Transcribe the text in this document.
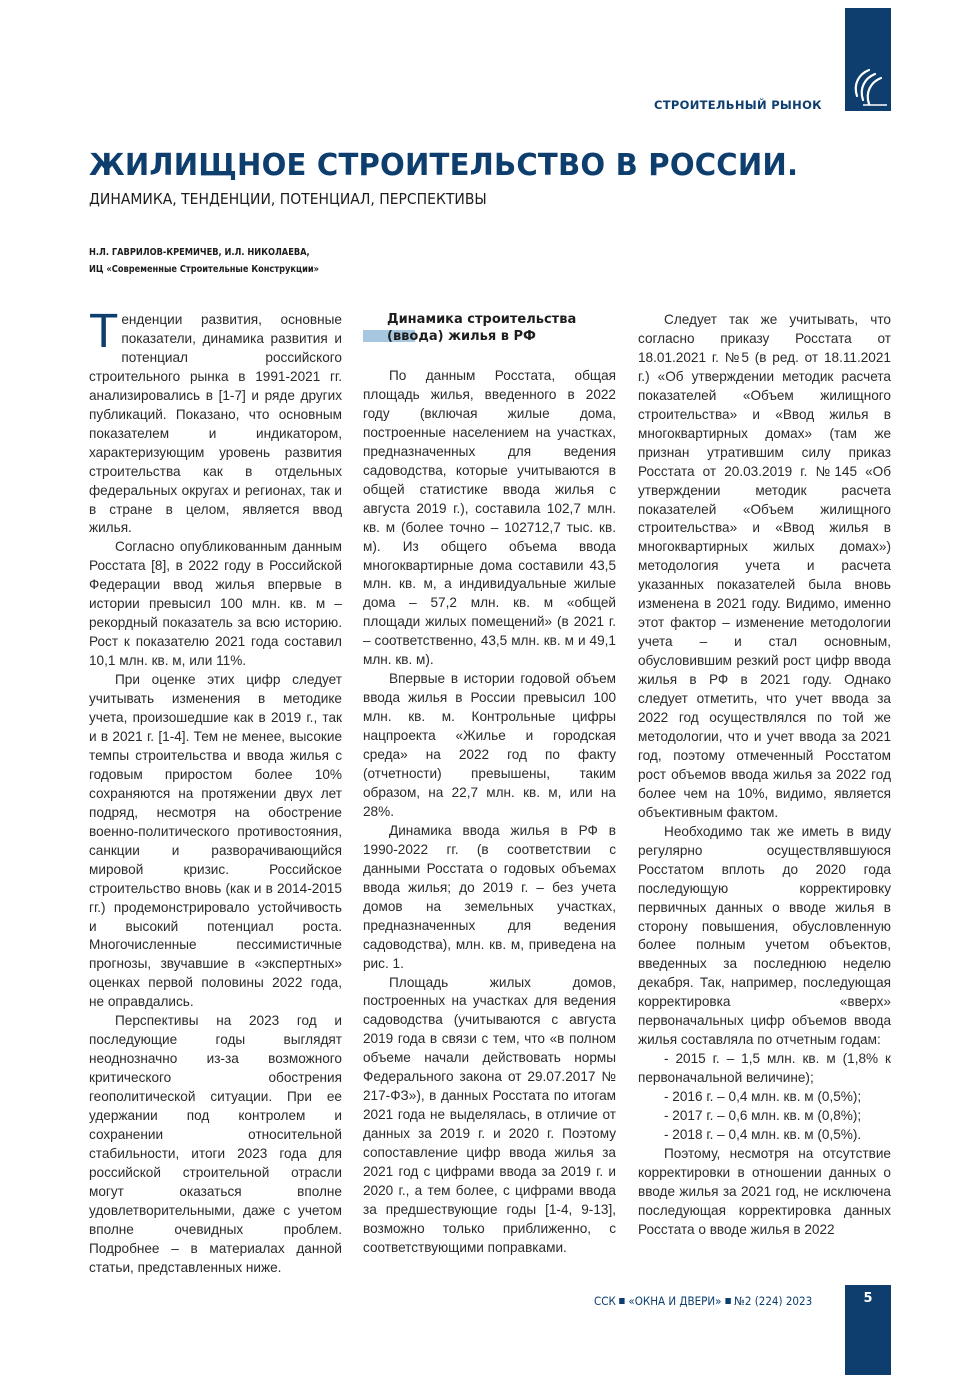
СТРОИТЕЛЬНЫЙ РЫНОК
ЖИЛИЩНОЕ СТРОИТЕЛЬСТВО В РОССИИ.
ДИНАМИКА, ТЕНДЕНЦИИ, ПОТЕНЦИАЛ, ПЕРСПЕКТИВЫ
Н.Л. ГАВРИЛОВ-КРЕМИЧЕВ, И.Л. НИКОЛАЕВА,
ИЦ «Современные Строительные Конструкции»

Тенденции развития, основные показатели, динамика развития и потенциал российского строительного рынка в 1991-2021 гг. анализировались в [1-7] и ряде других публикаций. Показано, что основным показателем и индикатором, характеризующим уровень развития строительства как в отдельных федеральных округах и регионах, так и в стране в целом, является ввод жилья.

Согласно опубликованным данным Росстата [8], в 2022 году в Российской Федерации ввод жилья впервые в истории превысил 100 млн. кв. м – рекордный показатель за всю историю. Рост к показателю 2021 года составил 10,1 млн. кв. м, или 11%.

При оценке этих цифр следует учитывать изменения в методике учета, произошедшие как в 2019 г., так и в 2021 г. [1-4]. Тем не менее, высокие темпы строительства и ввода жилья с годовым приростом более 10% сохраняются на протяжении двух лет подряд, несмотря на обострение военно-политического противостояния, санкции и разворачивающийся мировой кризис. Российское строительство вновь (как и в 2014-2015 гг.) продемонстрировало устойчивость и высокий потенциал роста. Многочисленные пессимистичные прогнозы, звучавшие в «экспертных» оценках первой половины 2022 года, не оправдались.

Перспективы на 2023 год и последующие годы выглядят неоднозначно из-за возможного критического обострения геополитической ситуации. При ее удержании под контролем и сохранении относительной стабильности, итоги 2023 года для российской строительной отрасли могут оказаться вполне удовлетворительными, даже с учетом вполне очевидных проблем. Подробнее – в материалах данной статьи, представленных ниже.

Динамика строительства (ввода) жилья в РФ

По данным Росстата, общая площадь жилья, введенного в 2022 году (включая жилые дома, построенные населением на участках, предназначенных для ведения садоводства, которые учитываются в общей статистике ввода жилья с августа 2019 г.), составила 102,7 млн. кв. м (более точно – 102712,7 тыс. кв. м). Из общего объема ввода многоквартирные дома составили 43,5 млн. кв. м, а индивидуальные жилые дома – 57,2 млн. кв. м «общей площади жилых помещений» (в 2021 г. – соответственно, 43,5 млн. кв. м и 49,1 млн. кв. м).

Впервые в истории годовой объем ввода жилья в России превысил 100 млн. кв. м. Контрольные цифры нацпроекта «Жилье и городская среда» на 2022 год по факту (отчетности) превышены, таким образом, на 22,7 млн. кв. м, или на 28%.

Динамика ввода жилья в РФ в 1990-2022 гг. (в соответствии с данными Росстата о годовых объемах ввода жилья; до 2019 г. – без учета домов на земельных участках, предназначенных для ведения садоводства), млн. кв. м, приведена на рис. 1.

Площадь жилых домов, построенных на участках для ведения садоводства (учитываются с августа 2019 года в связи с тем, что «в полном объеме начали действовать нормы Федерального закона от 29.07.2017 № 217-ФЗ»), в данных Росстата по итогам 2021 года не выделялась, в отличие от данных за 2019 г. и 2020 г. Поэтому сопоставление цифр ввода жилья за 2021 год с цифрами ввода за 2019 г. и 2020 г., а тем более, с цифрами ввода за предшествующие годы [1-4, 9-13], возможно только приближенно, с соответствующими поправками.

Следует так же учитывать, что согласно приказу Росстата от 18.01.2021 г. №5 (в ред. от 18.11.2021 г.) «Об утверждении методик расчета показателей «Объем жилищного строительства» и «Ввод жилья в многоквартирных домах» (там же признан утратившим силу приказ Росстата от 20.03.2019 г. №145 «Об утверждении методик расчета показателей «Объем жилищного строительства» и «Ввод жилья в многоквартирных жилых домах») методология учета и расчета указанных показателей была вновь изменена в 2021 году. Видимо, именно этот фактор – изменение методологии учета – и стал основным, обусловившим резкий рост цифр ввода жилья в РФ в 2021 году. Однако следует отметить, что учет ввода за 2022 год осуществлялся по той же методологии, что и учет ввода за 2021 год, поэтому отмеченный Росстатом рост объемов ввода жилья за 2022 год более чем на 10%, видимо, является объективным фактом.

Необходимо так же иметь в виду регулярно осуществлявшуюся Росстатом вплоть до 2020 года последующую корректировку первичных данных о вводе жилья в сторону повышения, обусловленную более полным учетом объектов, введенных за последнюю неделю декабря. Так, например, последующая корректировка «вверх» первоначальных цифр объемов ввода жилья составляла по отчетным годам:

- 2015 г. – 1,5 млн. кв. м (1,8% к первоначальной величине);

- 2016 г. – 0,4 млн. кв. м (0,5%);

- 2017 г. – 0,6 млн. кв. м (0,8%);

- 2018 г. – 0,4 млн. кв. м (0,5%).

Поэтому, несмотря на отсутствие корректировки в отношении данных о вводе жилья за 2021 год, не исключена последующая корректировка данных Росстата о вводе жилья в 2022

ССК «ОКНА И ДВЕРИ» №2 (224) 2023	5
